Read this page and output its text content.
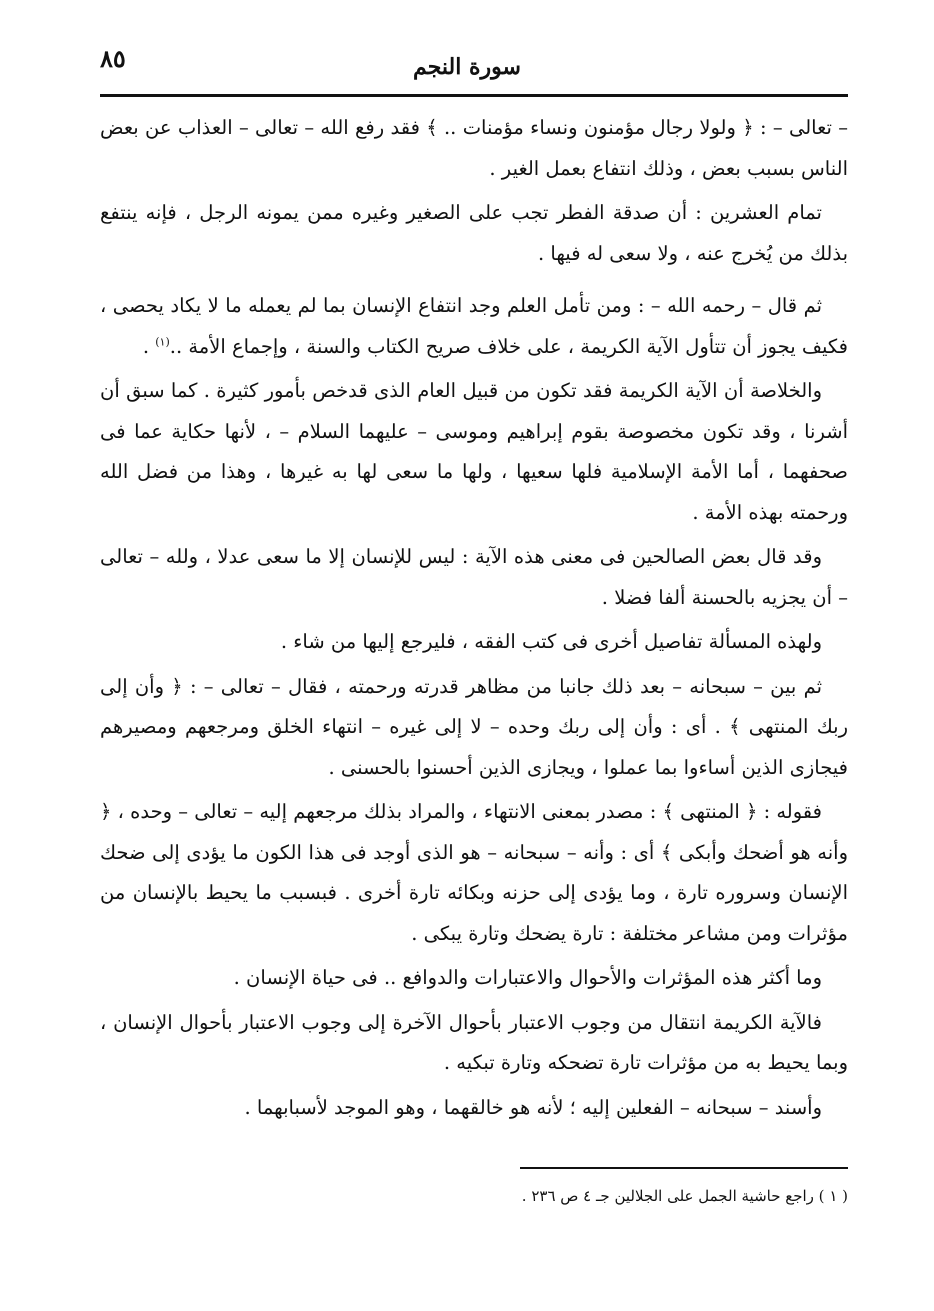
٨٥	سورة النجم

– تعالى – : ﴿ ولولا رجال مؤمنون ونساء مؤمنات .. ﴾ فقد رفع الله – تعالى – العذاب عن بعض الناس بسبب بعض ، وذلك انتفاع بعمل الغير .

تمام العشرين : أن صدقة الفطر تجب على الصغير وغيره ممن يمونه الرجل ، فإنه ينتفع بذلك من يُخرج عنه ، ولا سعى له فيها .

ثم قال – رحمه الله – : ومن تأمل العلم وجد انتفاع الإنسان بما لم يعمله ما لا يكاد يحصى ، فكيف يجوز أن تتأول الآية الكريمة ، على خلاف صريح الكتاب والسنة ، وإجماع الأمة ..$^{(١)}$ .

والخلاصة أن الآية الكريمة فقد تكون من قبيل العام الذى قدخص بأمور كثيرة . كما سبق أن أشرنا ، وقد تكون مخصوصة بقوم إبراهيم وموسى – عليهما السلام – ، لأنها حكاية عما فى صحفهما ، أما الأمة الإسلامية فلها سعيها ، ولها ما سعى لها به غيرها ، وهذا من فضل الله ورحمته بهذه الأمة .

وقد قال بعض الصالحين فى معنى هذه الآية : ليس للإنسان إلا ما سعى عدلا ، ولله – تعالى – أن يجزيه بالحسنة ألفا فضلا .

ولهذه المسألة تفاصيل أخرى فى كتب الفقه ، فليرجع إليها من شاء .

ثم بين – سبحانه – بعد ذلك جانبا من مظاهر قدرته ورحمته ، فقال – تعالى – : ﴿ وأن إلى ربك المنتهى ﴾ . أى : وأن إلى ربك وحده – لا إلى غيره – انتهاء الخلق ومرجعهم ومصيرهم فيجازى الذين أساءوا بما عملوا ، ويجازى الذين أحسنوا بالحسنى .

فقوله : ﴿ المنتهى ﴾ : مصدر بمعنى الانتهاء ، والمراد بذلك مرجعهم إليه – تعالى – وحده ، ﴿ وأنه هو أضحك وأبكى ﴾ أى : وأنه – سبحانه – هو الذى أوجد فى هذا الكون ما يؤدى إلى ضحك الإنسان وسروره تارة ، وما يؤدى إلى حزنه وبكائه تارة أخرى . فبسبب ما يحيط بالإنسان من مؤثرات ومن مشاعر مختلفة : تارة يضحك وتارة يبكى .

وما أكثر هذه المؤثرات والأحوال والاعتبارات والدوافع .. فى حياة الإنسان .

فالآية الكريمة انتقال من وجوب الاعتبار بأحوال الآخرة إلى وجوب الاعتبار بأحوال الإنسان ، وبما يحيط به من مؤثرات تارة تضحكه وتارة تبكيه .

وأسند – سبحانه – الفعلين إليه ؛ لأنه هو خالقهما ، وهو الموجد لأسبابهما .

( ١ ) راجع حاشية الجمل على الجلالين جـ ٤ ص ٢٣٦ .
